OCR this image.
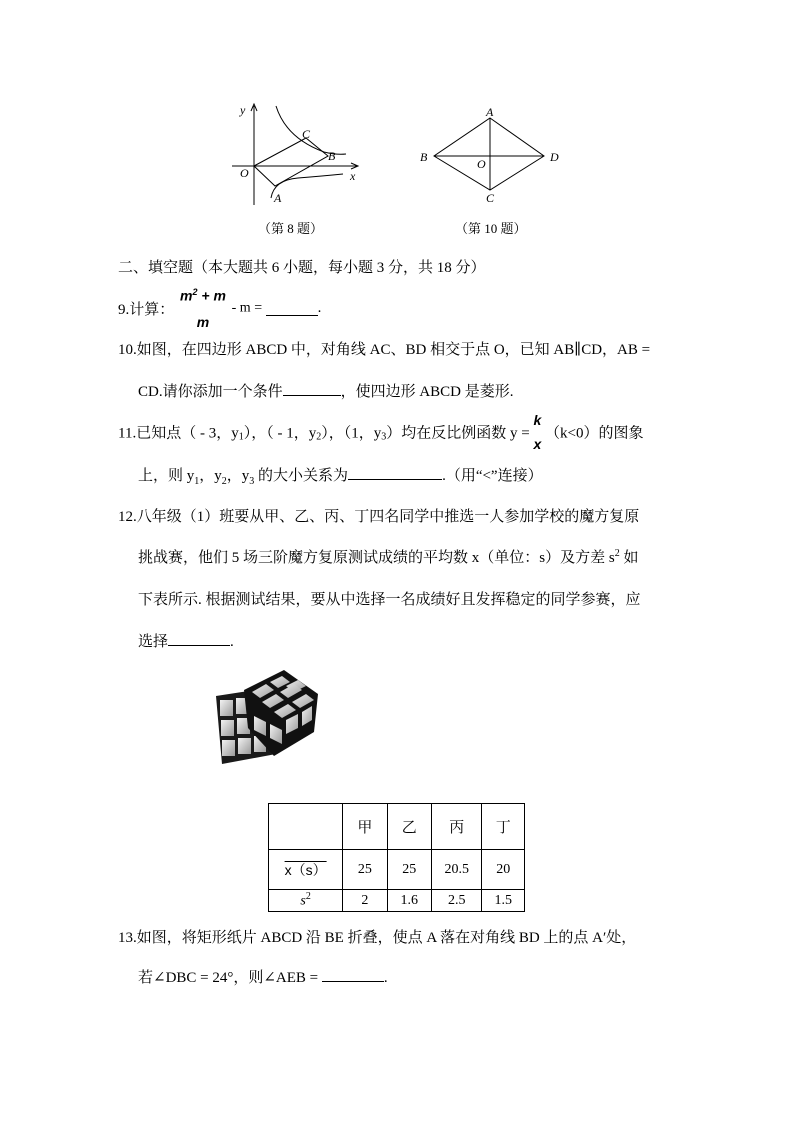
y
x
O
A
B
C
（第 8 题）
A
B
C
D
O
（第 10 题）
二、填空题（本大题共 6 小题，每小题 3 分，共 18 分）
9.计算：
$m^2 + m$
m
- m =	.
10.如图，在四边形 ABCD 中，对角线 AC、BD 相交于点 O，已知 AB∥CD，AB =
CD.请你添加一个条件	，使四边形 ABCD 是菱形.
11.已知点（ - 3，$y_1$），（ - 1，$y_2$），（1，$y_3$）均在反比例函数 y =
k
x
（k<0）的图象
上，则 $y_1$，$y_2$，$y_3$ 的大小关系为	.（用“<”连接）
12.八年级（1）班要从甲、乙、丙、丁四名同学中推选一人参加学校的魔方复原
挑战赛，他们 5 场三阶魔方复原测试成绩的平均数 x（单位：s）及方差 $s^2$ 如
下表所示. 根据测试结果，要从中选择一名成绩好且发挥稳定的同学参赛，应
选择	.
	甲	乙	丙	丁
x（s）	25	25	20.5	20
$s^2$	2	1.6	2.5	1.5
13.如图，将矩形纸片 ABCD 沿 BE 折叠，使点 A 落在对角线 BD 上的点 A′处，
若∠DBC = 24°，则∠AEB =	.
